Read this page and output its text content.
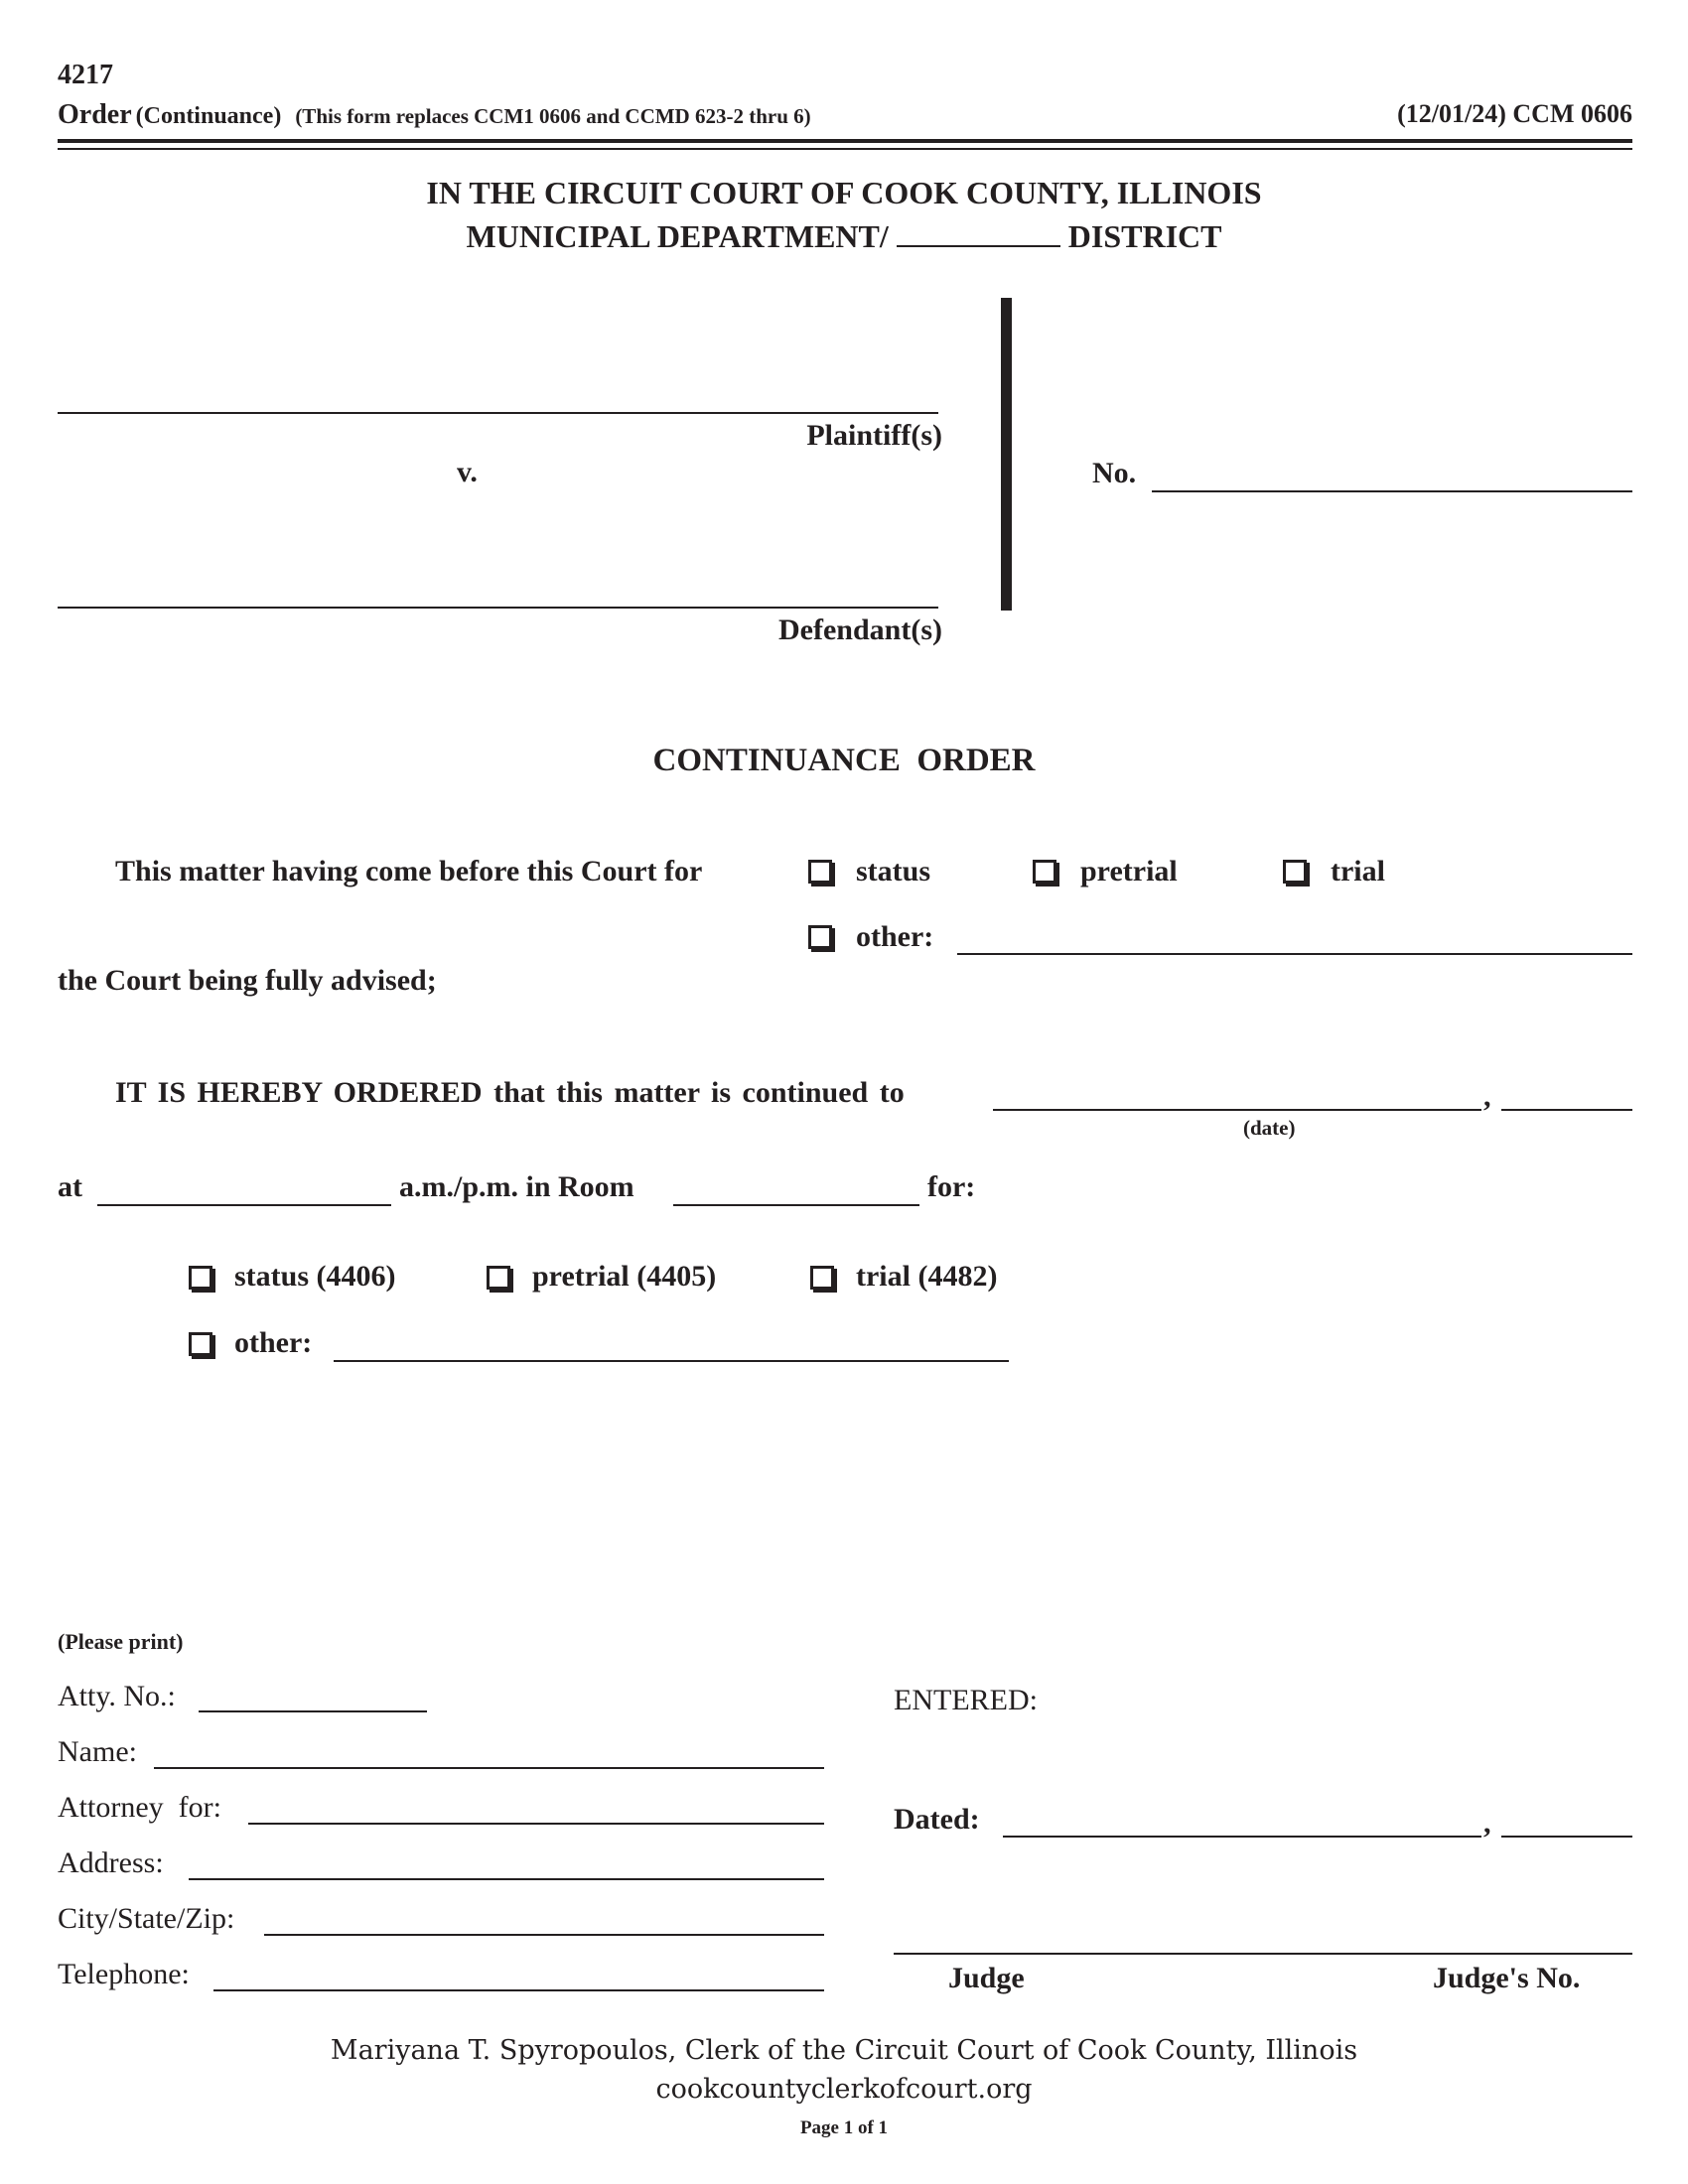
4217
Order (Continuance) (This form replaces CCM1 0606 and CCMD 623-2 thru 6)	(12/01/24) CCM 0606
IN THE CIRCUIT COURT OF COOK COUNTY, ILLINOIS
MUNICIPAL DEPARTMENT/	DISTRICT
Plaintiff(s)
v.
Defendant(s)
No.
CONTINUANCE  ORDER
This matter having come before this Court for	status	pretrial	trial
other:
the Court being fully advised;
IT IS HEREBY ORDERED that this matter is continued to	,
(date)
at	a.m./p.m. in Room	for:
status (4406)	pretrial (4405)	trial (4482)
other:
(Please print)
Atty. No.:
Name:
Attorney  for:
Address:
City/State/Zip:
Telephone:
ENTERED:
Dated:	,
Judge	Judge's No.
Mariyana T. Spyropoulos, Clerk of the Circuit Court of Cook County, Illinois
cookcountyclerkofcourt.org
Page 1 of 1
